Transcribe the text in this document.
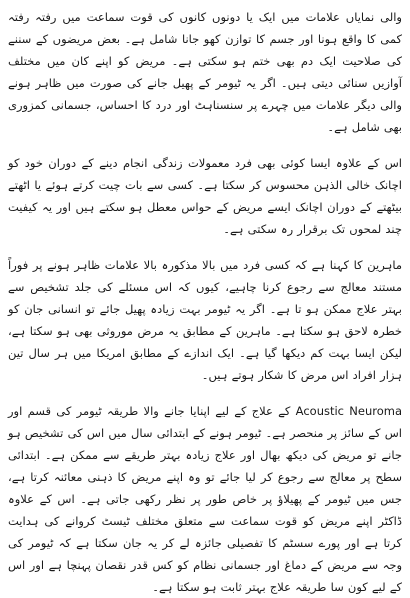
والی نمایاں علامات میں ایک یا دونوں کانوں کی قوت سماعت میں رفتہ رفتہ کمی کا واقع ہونا اور جسم کا توازن کھو جانا شامل ہے۔ بعض مریضوں کے سننے کی صلاحیت ایک دم بھی ختم ہو سکتی ہے۔ مریض کو اپنے کان میں مختلف آوازیں سنائی دیتی ہیں۔ اگر یہ ٹیومر کے پھیل جانے کی صورت میں ظاہر ہونے والی دیگر علامات میں چہرے پر سنسناہٹ اور درد کا احساس، جسمانی کمزوری بھی شامل ہے۔

اس کے علاوہ ایسا کوئی بھی فرد معمولات زندگی انجام دینے کے دوران خود کو اچانک خالی الذہن محسوس کر سکتا ہے۔ کسی سے بات چیت کرتے ہوئے یا اٹھتے بیٹھتے کے دوران اچانک ایسے مریض کے حواس معطل ہو سکتے ہیں اور یہ کیفیت چند لمحوں تک برقرار رہ سکتی ہے۔

ماہرین کا کہنا ہے کہ کسی فرد میں بالا مذکورہ بالا علامات ظاہر ہونے پر فوراً مستند معالج سے رجوع کرنا چاہیے، کیوں کہ اس مسئلے کی جلد تشخیص سے بہتر علاج ممکن ہو تا ہے۔ اگر یہ ٹیومر بہت زیادہ پھیل جائے تو انسانی جان کو خطرہ لاحق ہو سکتا ہے۔ ماہرین کے مطابق یہ مرض موروثی بھی ہو سکتا ہے، لیکن ایسا بہت کم دیکھا گیا ہے۔ ایک اندازے کے مطابق امریکا میں ہر سال تین ہزار افراد اس مرض کا شکار ہوتے ہیں۔

Acoustic Neuroma کے علاج کے لیے اپنایا جانے والا طریقہ ٹیومر کی قسم اور اس کے سائز پر منحصر ہے۔ ٹیومر ہونے کے ابتدائی سال میں اس کی تشخیص ہو جانے تو مریض کی دیکھ بھال اور علاج زیادہ بہتر طریقے سے ممکن ہے۔ ابتدائی سطح پر معالج سے رجوع کر لیا جائے تو وہ اپنے مریض کا ذہنی معائنہ کرتا ہے، جس میں ٹیومر کے پھیلاؤ پر خاص طور پر نظر رکھی جاتی ہے۔ اس کے علاوہ ڈاکٹر اپنے مریض کو قوت سماعت سے متعلق مختلف ٹیسٹ کروانے کی ہدایت کرتا ہے اور پورے سسٹم کا تفصیلی جائزہ لے کر یہ جان سکتا ہے کہ ٹیومر کی وجہ سے مریض کے دماغ اور جسمانی نظام کو کس قدر نقصان پہنچا ہے اور اس کے لیے کون سا طریقہ علاج بہتر ثابت ہو سکتا ہے۔
